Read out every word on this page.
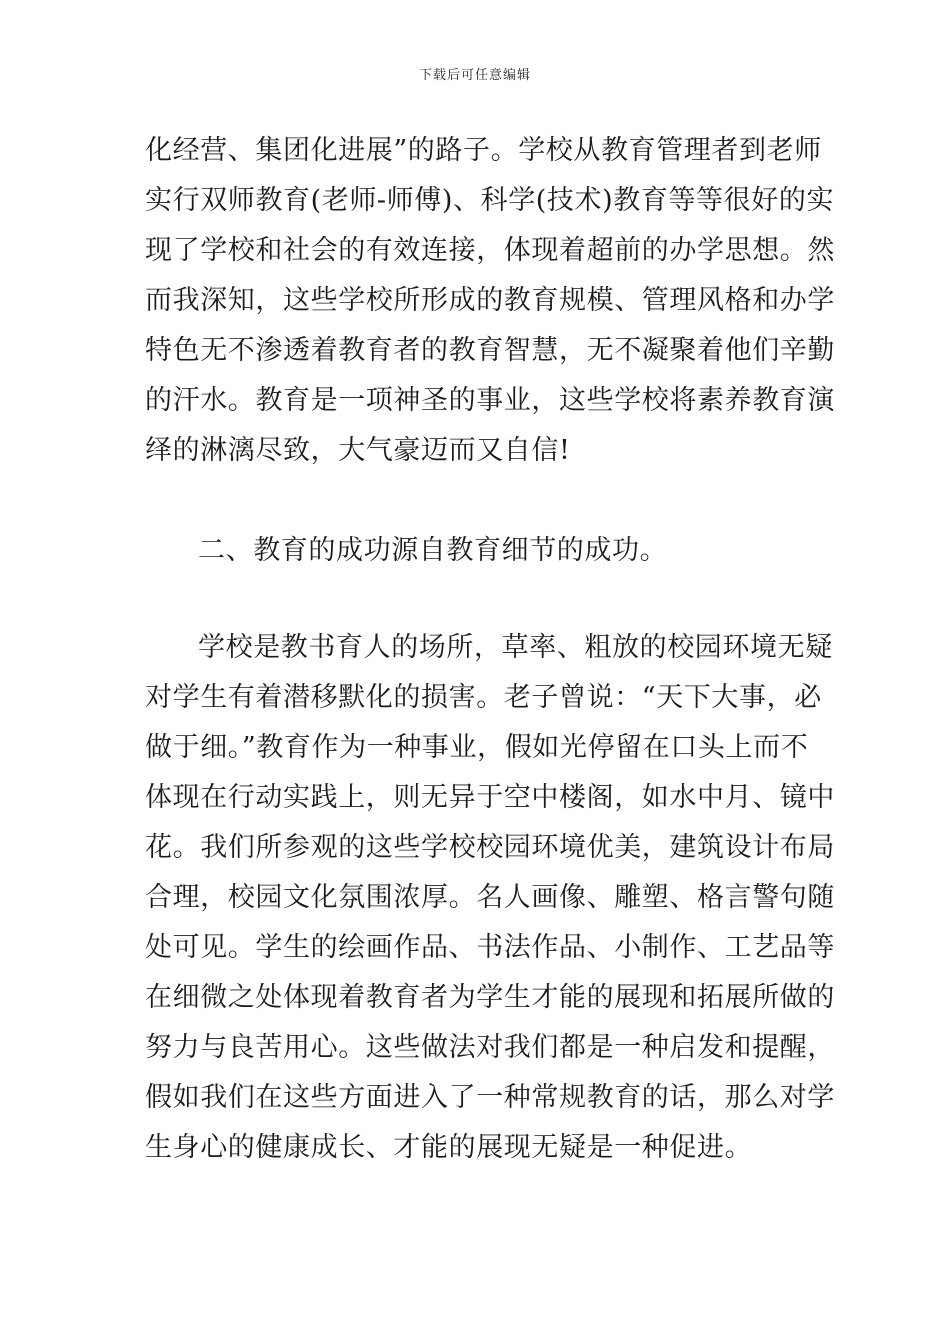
下载后可任意编辑
化经营、集团化进展”的路子。学校从教育管理者到老师
实行双师教育(老师-师傅)、科学(技术)教育等等很好的实
现了学校和社会的有效连接，体现着超前的办学思想。然
而我深知，这些学校所形成的教育规模、管理风格和办学
特色无不渗透着教育者的教育智慧，无不凝聚着他们辛勤
的汗水。教育是一项神圣的事业，这些学校将素养教育演
绎的淋漓尽致，大气豪迈而又自信!
二、教育的成功源自教育细节的成功。
学校是教书育人的场所，草率、粗放的校园环境无疑
对学生有着潜移默化的损害。老子曾说：“天下大事，必
做于细。”教育作为一种事业，假如光停留在口头上而不
体现在行动实践上，则无异于空中楼阁，如水中月、镜中
花。我们所参观的这些学校校园环境优美，建筑设计布局
合理，校园文化氛围浓厚。名人画像、雕塑、格言警句随
处可见。学生的绘画作品、书法作品、小制作、工艺品等
在细微之处体现着教育者为学生才能的展现和拓展所做的
努力与良苦用心。这些做法对我们都是一种启发和提醒，
假如我们在这些方面进入了一种常规教育的话，那么对学
生身心的健康成长、才能的展现无疑是一种促进。
